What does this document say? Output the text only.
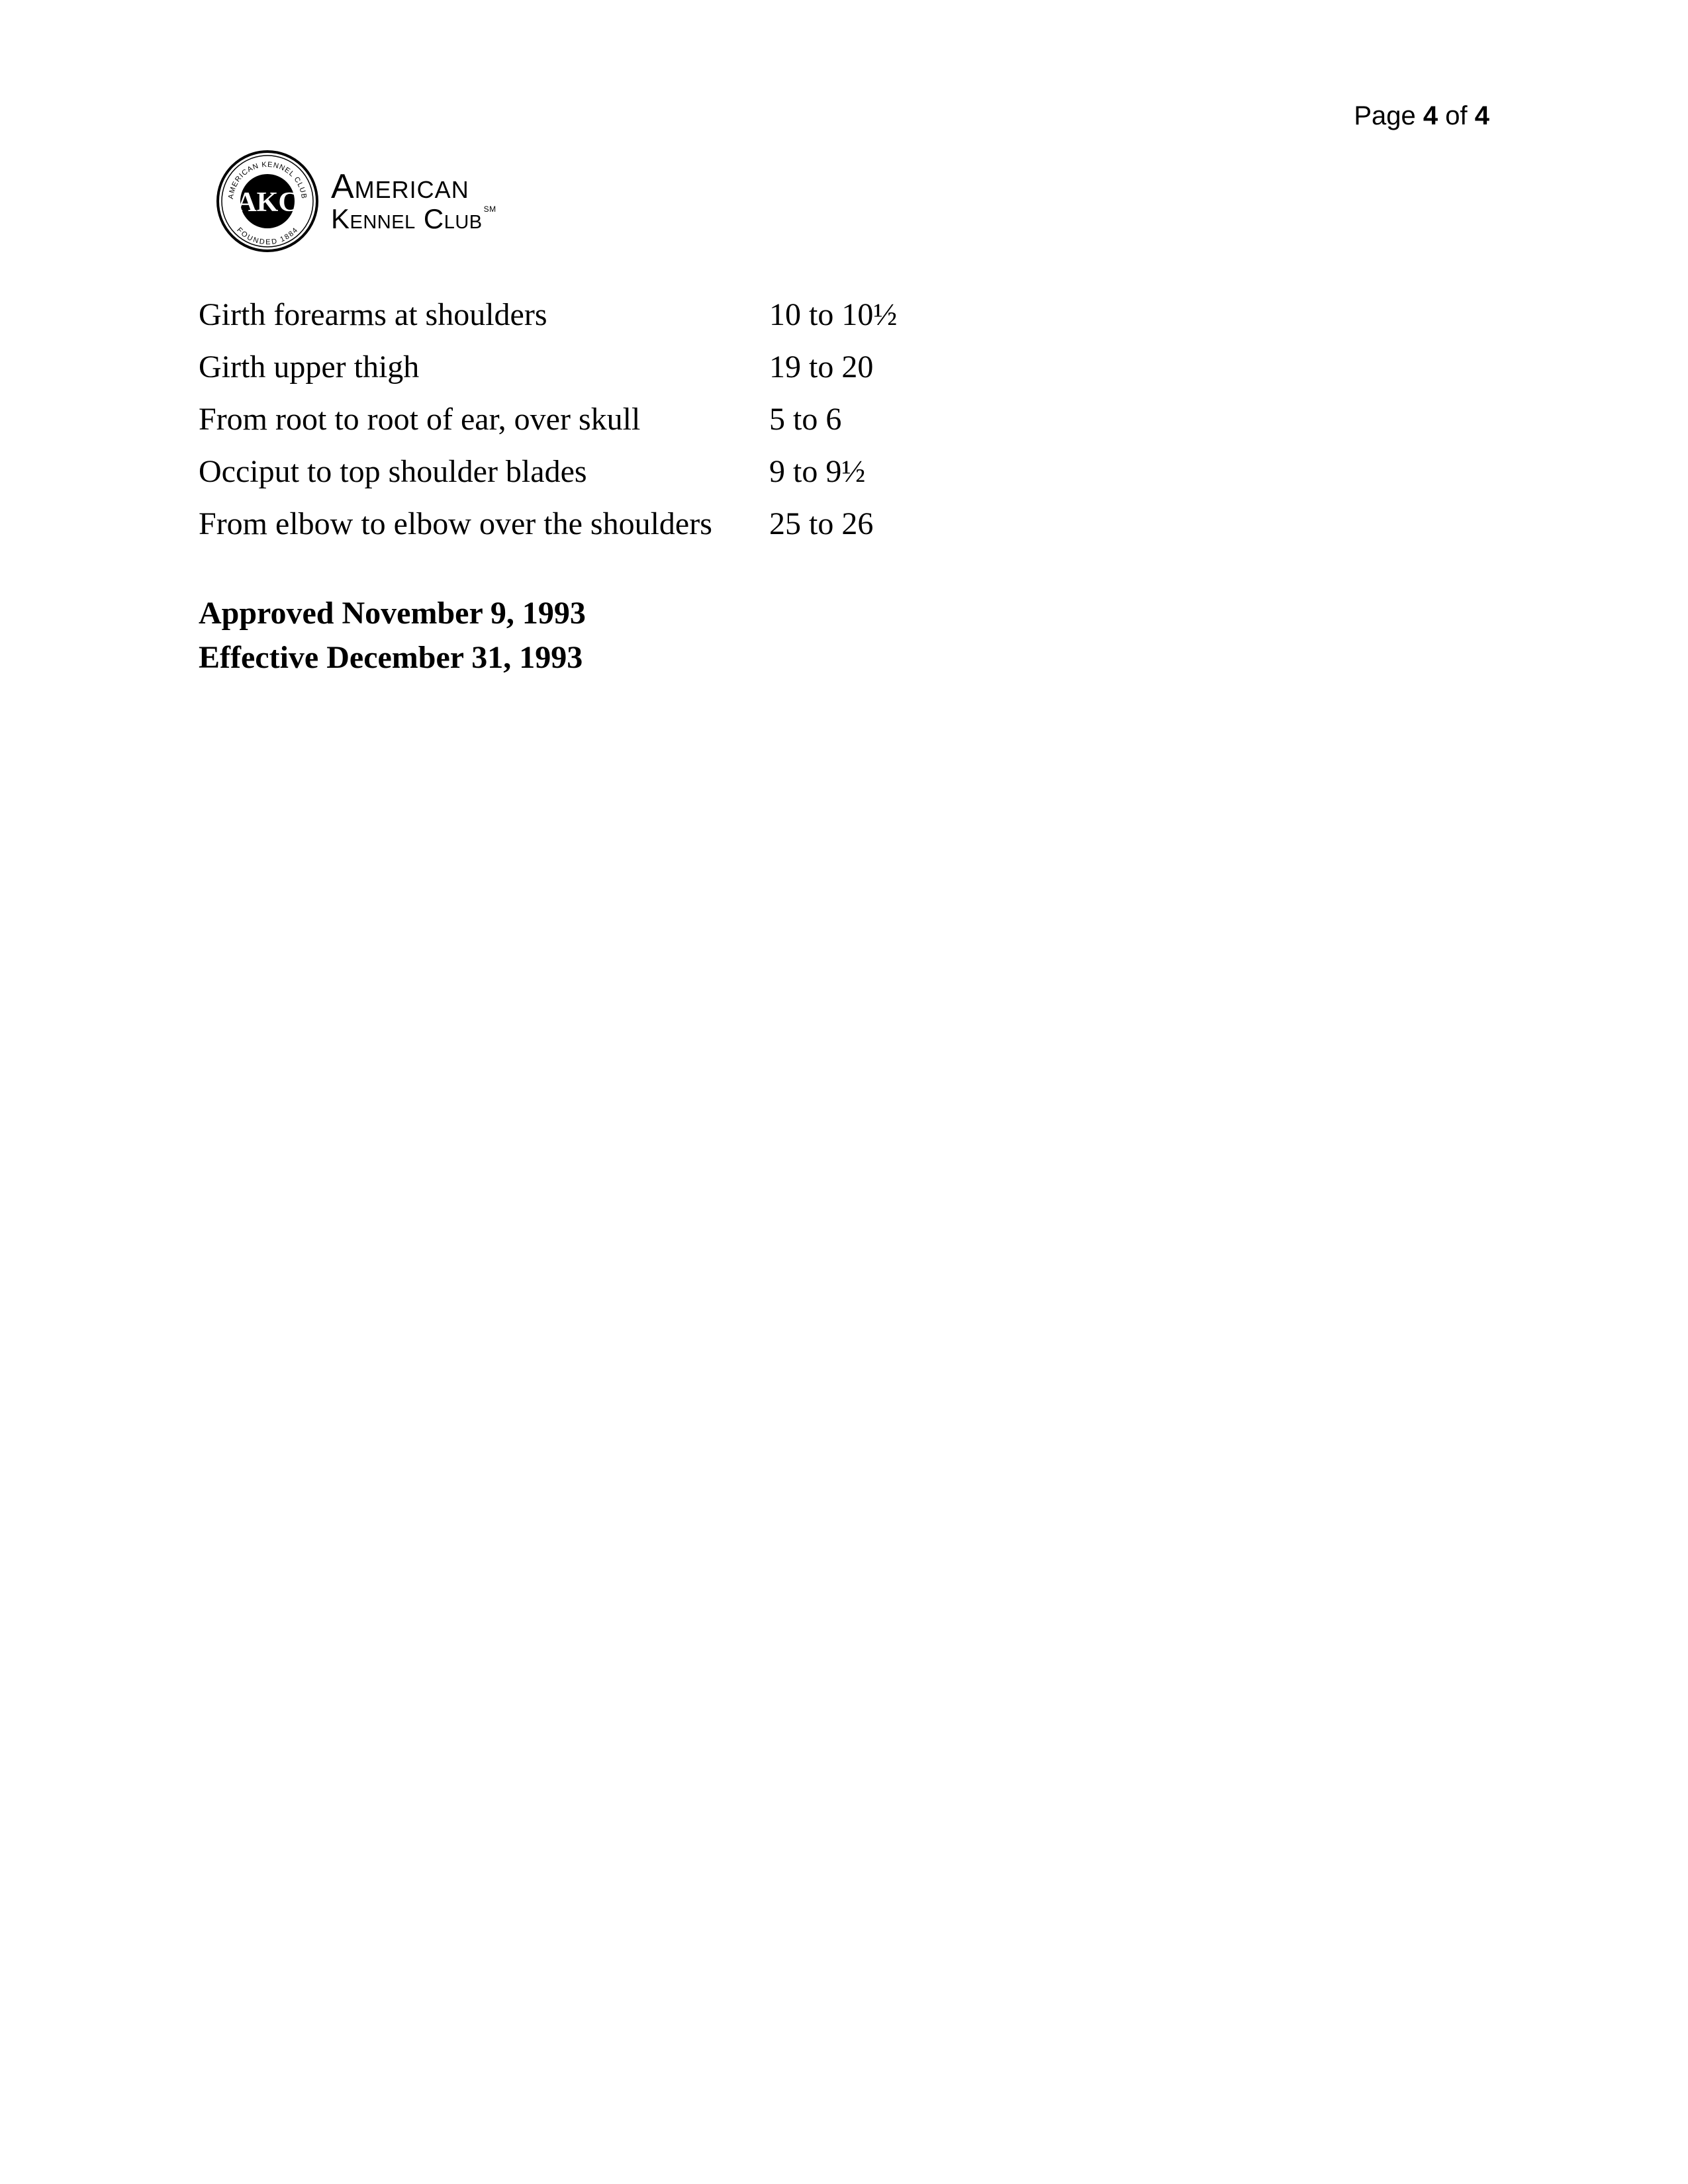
Page 4 of 4
AMERICAN KENNEL CLUB
FOUNDED 1884
AKC American
Kennel Club ℠
Girth forearms at shoulders	10 to 10½
Girth upper thigh	19 to 20
From root to root of ear, over skull	5 to 6
Occiput to top shoulder blades	9 to 9½
From elbow to elbow over the shoulders	25 to 26
Approved November 9, 1993
Effective December 31, 1993
